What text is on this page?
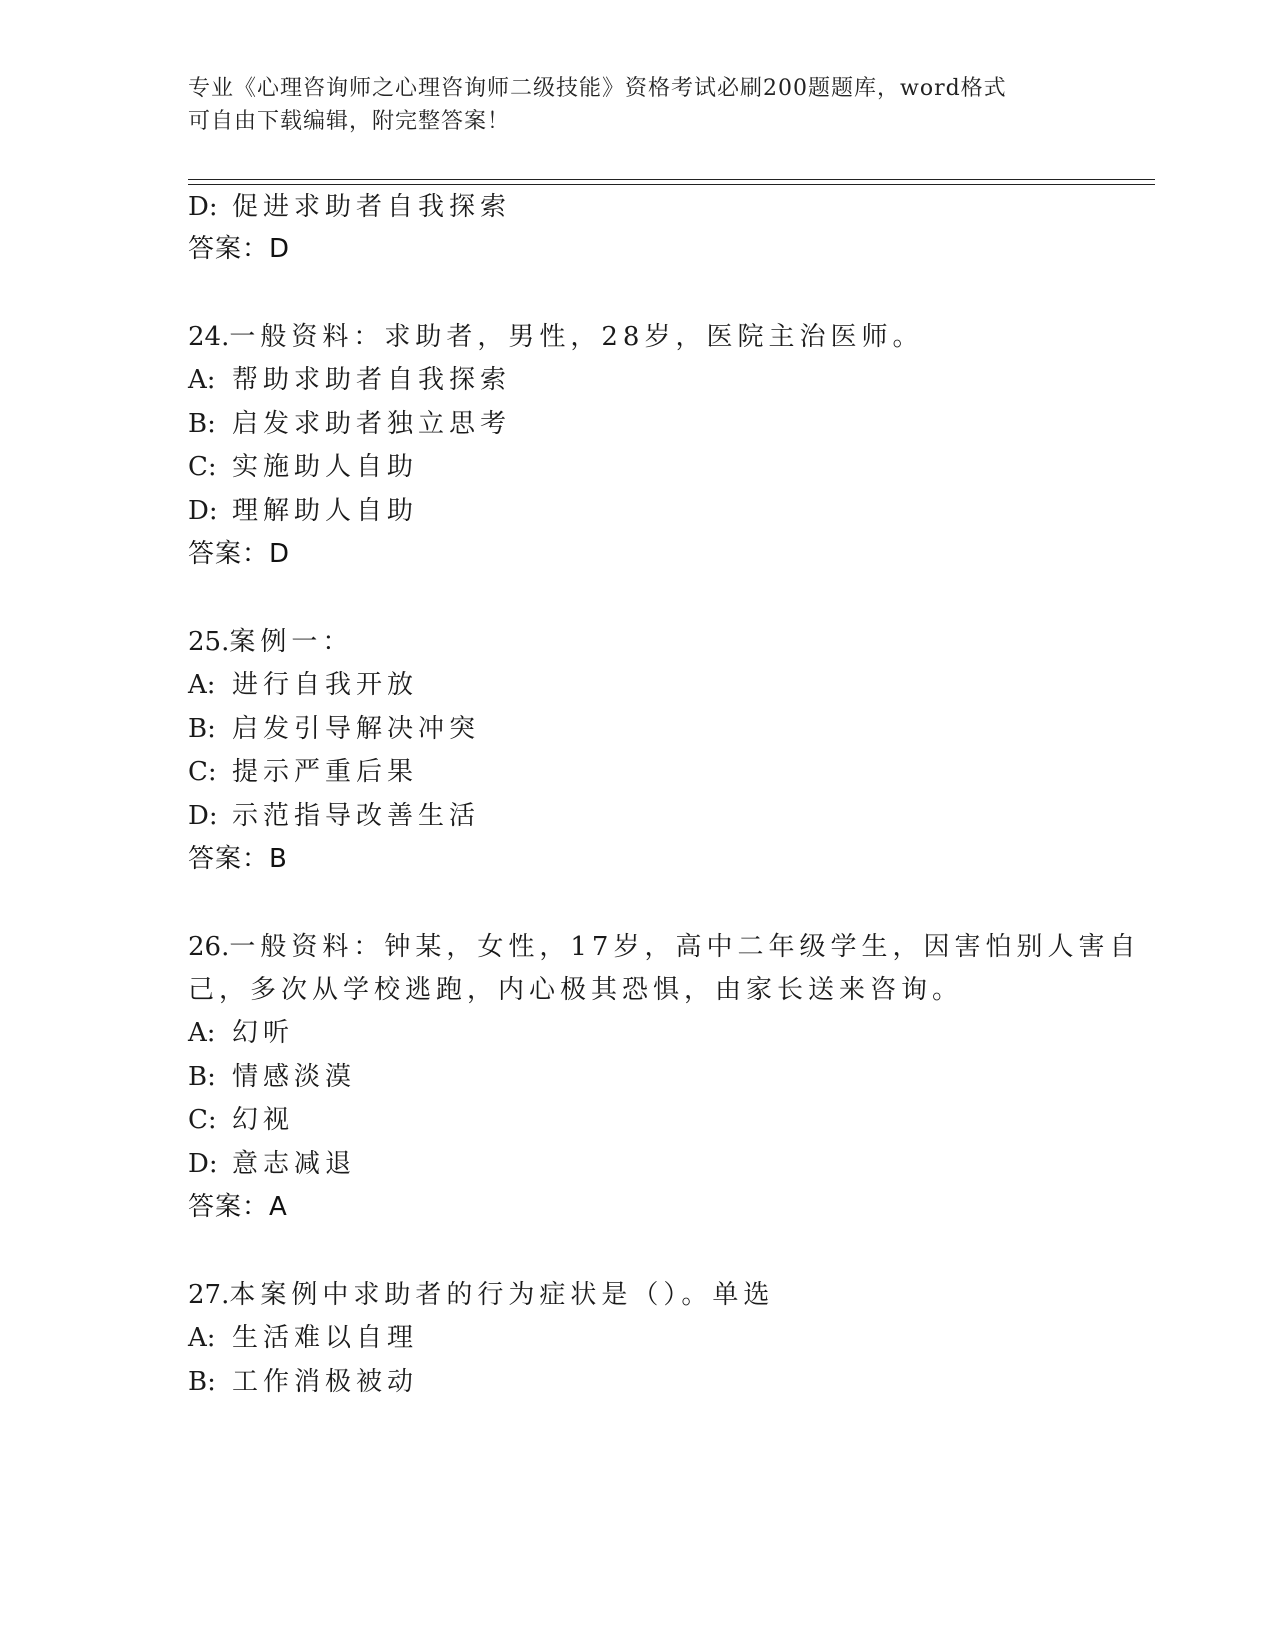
专业《心理咨询师之心理咨询师二级技能》资格考试必刷200题题库，word格式
可自由下载编辑，附完整答案！
D: 促进求助者自我探索
答案：D
24.一般资料：求助者，男性，28岁，医院主治医师。
A: 帮助求助者自我探索
B: 启发求助者独立思考
C: 实施助人自助
D: 理解助人自助
答案：D
25.案例一：
A: 进行自我开放
B: 启发引导解决冲突
C: 提示严重后果
D: 示范指导改善生活
答案：B
26.一般资料：钟某，女性，17岁，高中二年级学生，因害怕别人害自
己，多次从学校逃跑，内心极其恐惧，由家长送来咨询。
A: 幻听
B: 情感淡漠
C: 幻视
D: 意志减退
答案：A
27.本案例中求助者的行为症状是（）。单选
A: 生活难以自理
B: 工作消极被动
